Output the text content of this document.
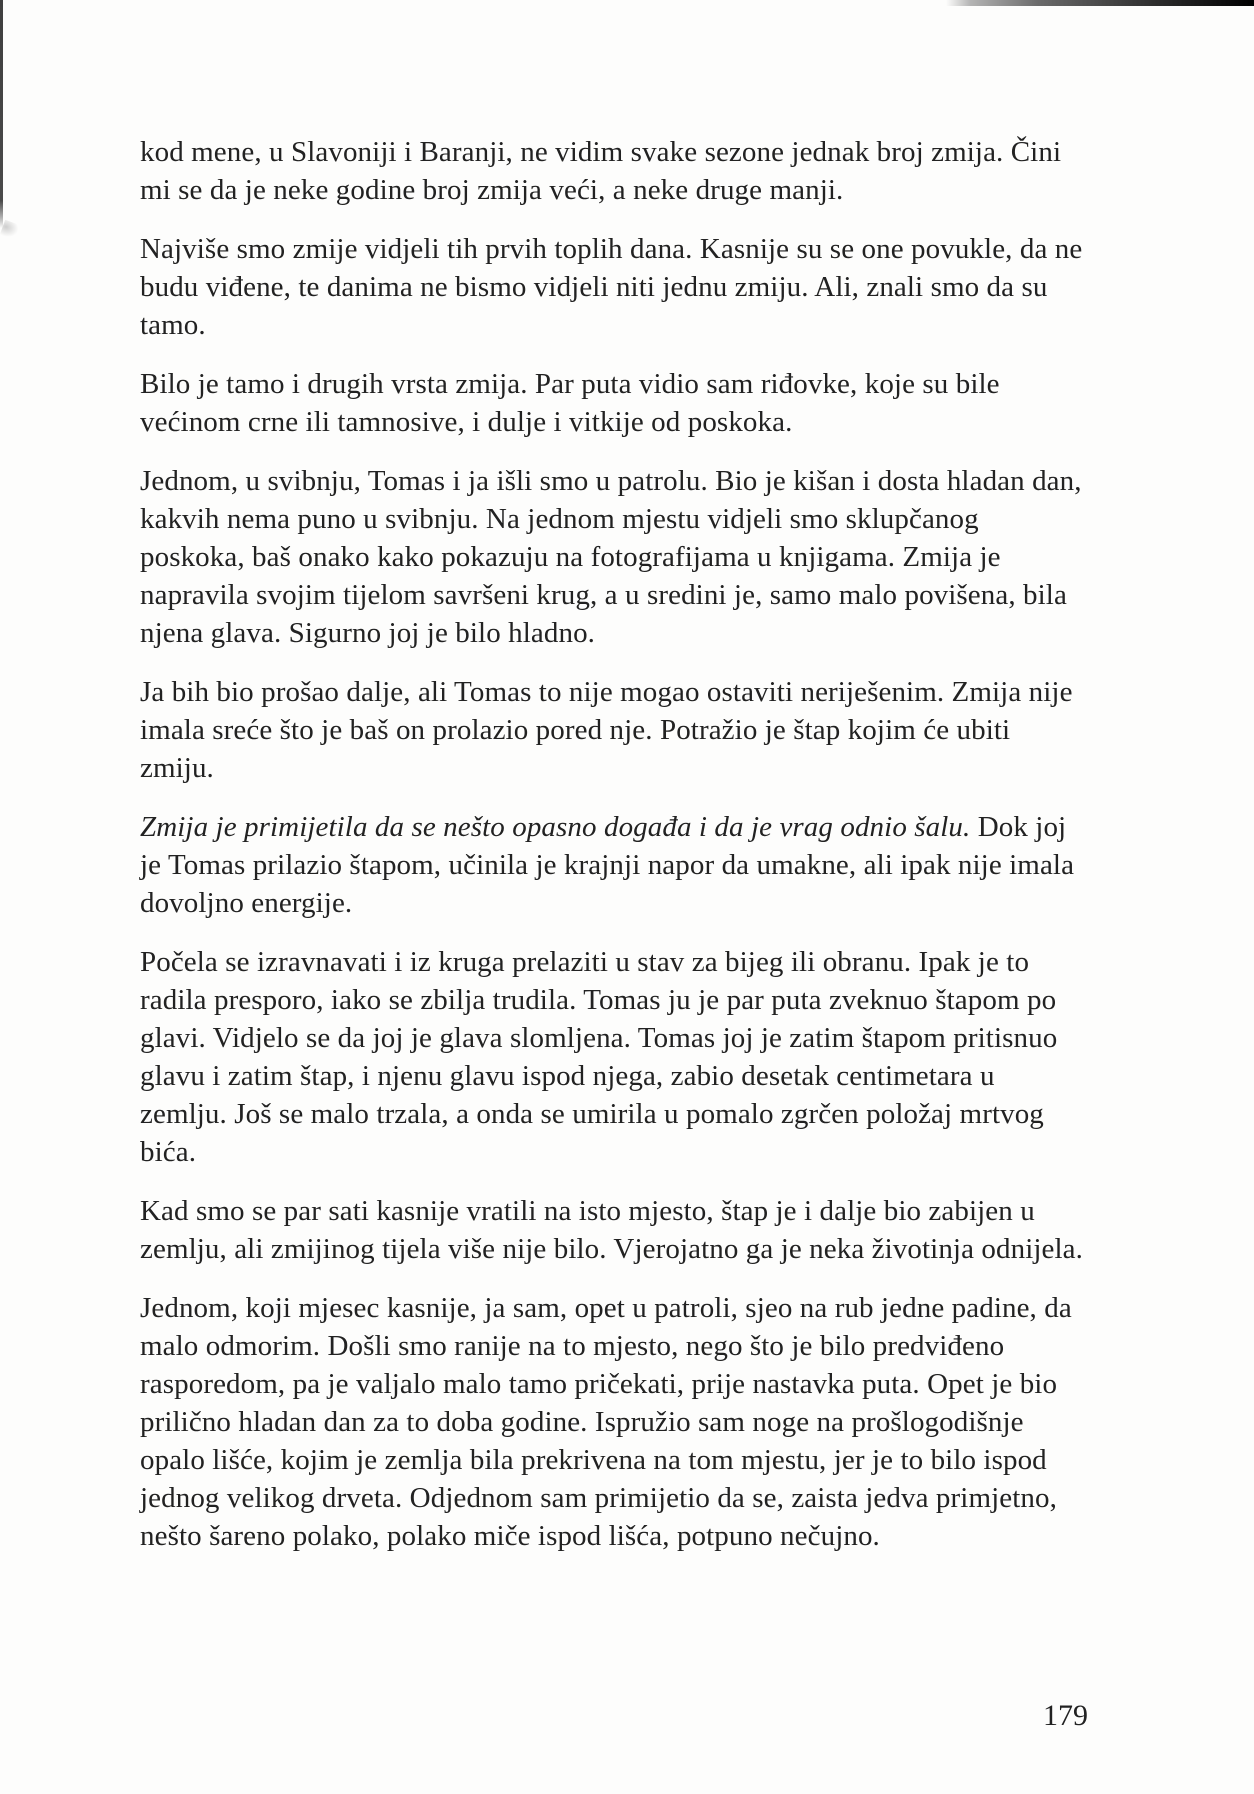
kod mene, u Slavoniji i Baranji, ne vidim svake sezone jednak broj zmija. Čini mi se da je neke godine broj zmija veći, a neke druge manji.

Najviše smo zmije vidjeli tih prvih toplih dana. Kasnije su se one povukle, da ne budu viđene, te danima ne bismo vidjeli niti jednu zmiju. Ali, znali smo da su tamo.

Bilo je tamo i drugih vrsta zmija. Par puta vidio sam riđovke, koje su bile većinom crne ili tamnosive, i dulje i vitkije od poskoka.

Jednom, u svibnju, Tomas i ja išli smo u patrolu. Bio je kišan i dosta hladan dan, kakvih nema puno u svibnju. Na jednom mjestu vidjeli smo sklupčanog poskoka, baš onako kako pokazuju na fotografijama u knjigama. Zmija je napravila svojim tijelom savršeni krug, a u sredini je, samo malo povišena, bila njena glava. Sigurno joj je bilo hladno.

Ja bih bio prošao dalje, ali Tomas to nije mogao ostaviti neriješenim. Zmija nije imala sreće što je baš on prolazio pored nje. Potražio je štap kojim će ubiti zmiju.

Zmija je primijetila da se nešto opasno događa i da je vrag odnio šalu. Dok joj je Tomas prilazio štapom, učinila je krajnji napor da umakne, ali ipak nije imala dovoljno energije.

Počela se izravnavati i iz kruga prelaziti u stav za bijeg ili obranu. Ipak je to radila presporo, iako se zbilja trudila. Tomas ju je par puta zveknuo štapom po glavi. Vidjelo se da joj je glava slomljena. Tomas joj je zatim štapom pritisnuo glavu i zatim štap, i njenu glavu ispod njega, zabio desetak centimetara u zemlju. Još se malo trzala, a onda se umirila u pomalo zgrčen položaj mrtvog bića.

Kad smo se par sati kasnije vratili na isto mjesto, štap je i dalje bio zabijen u zemlju, ali zmijinog tijela više nije bilo. Vjerojatno ga je neka životinja odnijela.

Jednom, koji mjesec kasnije, ja sam, opet u patroli, sjeo na rub jedne padine, da malo odmorim. Došli smo ranije na to mjesto, nego što je bilo predviđeno rasporedom, pa je valjalo malo tamo pričekati, prije nastavka puta. Opet je bio prilično hladan dan za to doba godine. Ispružio sam noge na prošlogodišnje opalo lišće, kojim je zemlja bila prekrivena na tom mjestu, jer je to bilo ispod jednog velikog drveta. Odjednom sam primijetio da se, zaista jedva primjetno, nešto šareno polako, polako miče ispod lišća, potpuno nečujno.

179
